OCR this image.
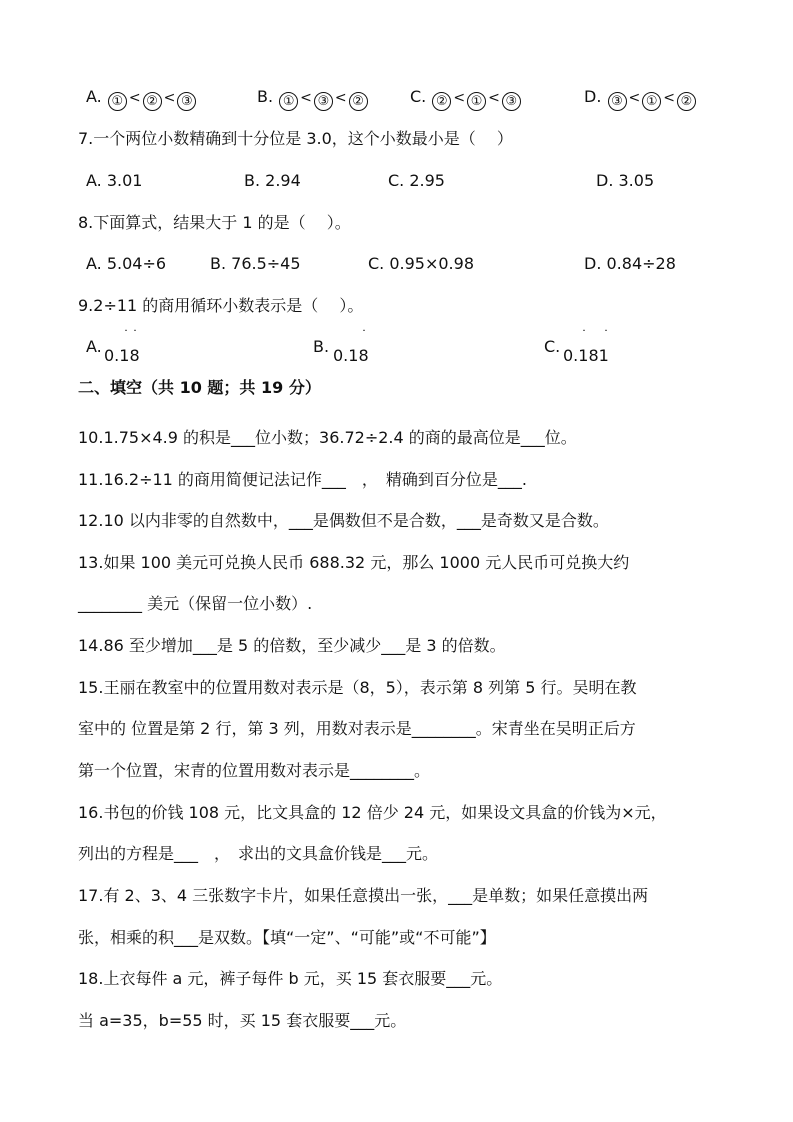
A. ① < ② < ③	B. ① < ③ < ②	C. ② < ① < ③	D. ③ < ① < ②
7.一个两位小数精确到十分位是 3.0，这个小数最小是（　 ）
A. 3.01	B. 2.94	C. 2.95	D. 3.05
8.下面算式，结果大于 1 的是（　 ）。
A. 5.04÷6	B. 76.5÷45	C. 0.95×0.98	D. 0.84÷28
9.2÷11 的商用循环小数表示是（　 ）。
A. 0.18
˙ ˙
B. 0.18
˙
C. 0.181
˙ ˙
二、填空（共 10 题；共 19 分）
10.1.75×4.9 的积是___位小数；36.72÷2.4 的商的最高位是___位。
11.16.2÷11 的商用简便记法记作___　，　精确到百分位是___.
12.10 以内非零的自然数中，___是偶数但不是合数，___是奇数又是合数。
13.如果 100 美元可兑换人民币 688.32 元，那么 1000 元人民币可兑换大约
________ 美元（保留一位小数）.
14.86 至少增加___是 5 的倍数，至少减少___是 3 的倍数。
15.王丽在教室中的位置用数对表示是（8，5），表示第 8 列第 5 行。吴明在教
室中的 位置是第 2 行，第 3 列，用数对表示是________。宋青坐在吴明正后方
第一个位置，宋青的位置用数对表示是________。
16.书包的价钱 108 元，比文具盒的 12 倍少 24 元，如果设文具盒的价钱为×元，
列出的方程是___　，　求出的文具盒价钱是___元。
17.有 2、3、4 三张数字卡片，如果任意摸出一张，___是单数；如果任意摸出两
张，相乘的积___是双数。【填“一定”、“可能”或“不可能”】
18.上衣每件 a 元，裤子每件 b 元，买 15 套衣服要___元。
当 a=35，b=55 时，买 15 套衣服要___元。
